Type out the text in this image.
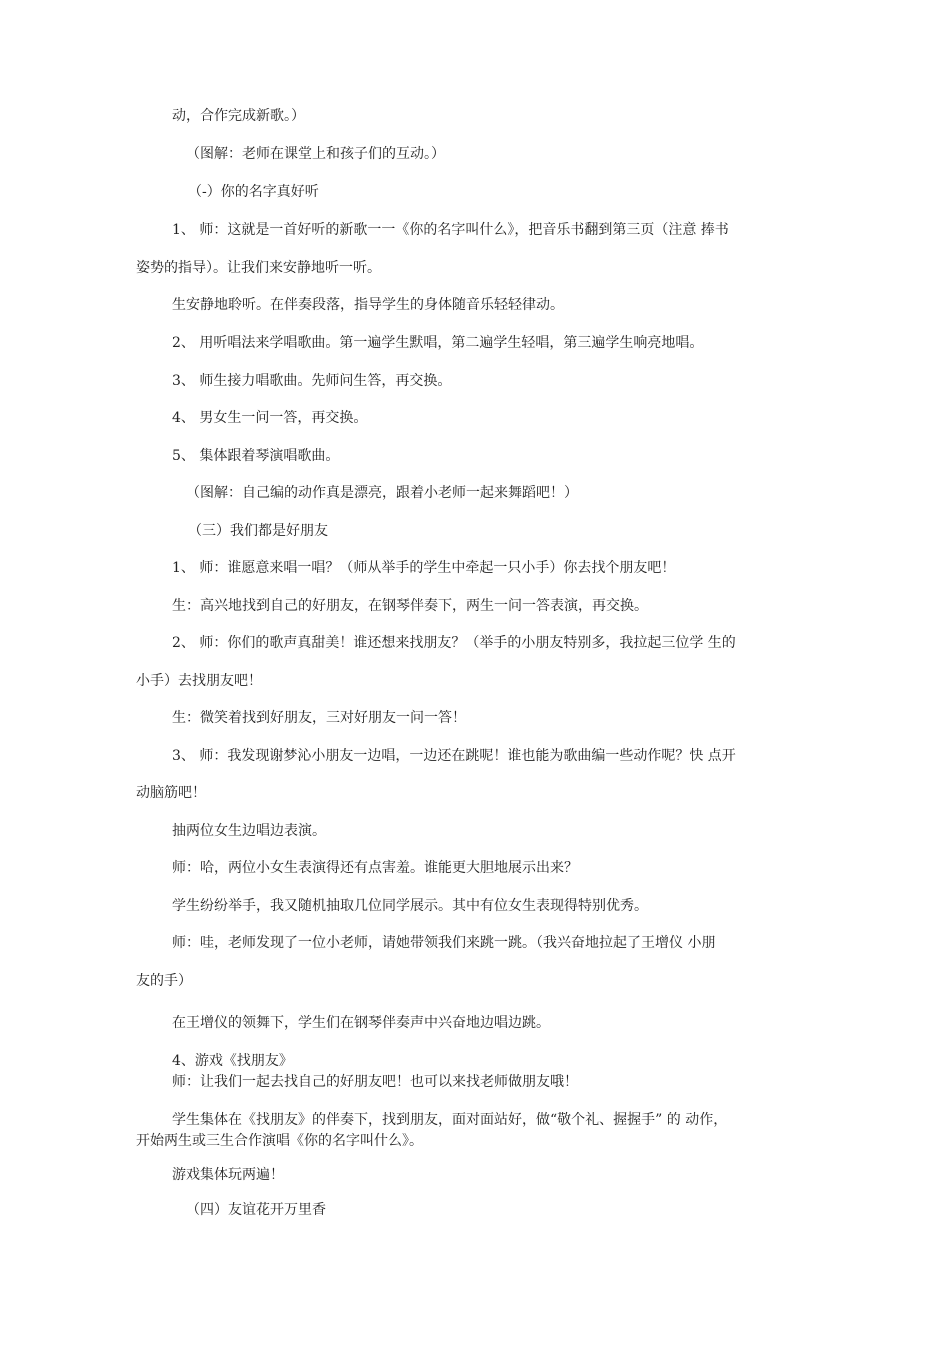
动，合作完成新歌。）

（图解：老师在课堂上和孩子们的互动。）

（-）你的名字真好听

1、 师：这就是一首好听的新歌一一《你的名字叫什么》，把音乐书翻到第三页（注意 捧书

姿势的指导）。让我们来安静地听一听。

生安静地聆听。在伴奏段落，指导学生的身体随音乐轻轻律动。

2、 用听唱法来学唱歌曲。第一遍学生默唱，第二遍学生轻唱，第三遍学生响亮地唱。

3、 师生接力唱歌曲。先师问生答，再交换。

4、 男女生一问一答，再交换。

5、 集体跟着琴演唱歌曲。

（图解：自己编的动作真是漂亮，跟着小老师一起来舞蹈吧！）

（三）我们都是好朋友

1、 师：谁愿意来唱一唱？（师从举手的学生中牵起一只小手）你去找个朋友吧！

生：高兴地找到自己的好朋友，在钢琴伴奏下，两生一问一答表演，再交换。

2、 师：你们的歌声真甜美！谁还想来找朋友？（举手的小朋友特别多，我拉起三位学 生的

小手）去找朋友吧！

生：微笑着找到好朋友，三对好朋友一问一答！

3、 师：我发现谢梦沁小朋友一边唱，一边还在跳呢！谁也能为歌曲编一些动作呢？快 点开

动脑筋吧！

抽两位女生边唱边表演。

师：哈，两位小女生表演得还有点害羞。谁能更大胆地展示出来？

学生纷纷举手，我又随机抽取几位同学展示。其中有位女生表现得特别优秀。

师：哇，老师发现了一位小老师，请她带领我们来跳一跳。（我兴奋地拉起了王增仪 小朋

友的手）

在王增仪的领舞下，学生们在钢琴伴奏声中兴奋地边唱边跳。

4、游戏《找朋友》

师：让我们一起去找自己的好朋友吧！也可以来找老师做朋友哦！

学生集体在《找朋友》的伴奏下，找到朋友，面对面站好，做“敬个礼、握握手” 的 动作，

开始两生或三生合作演唱《你的名字叫什么》。

游戏集体玩两遍！

（四）友谊花开万里香
